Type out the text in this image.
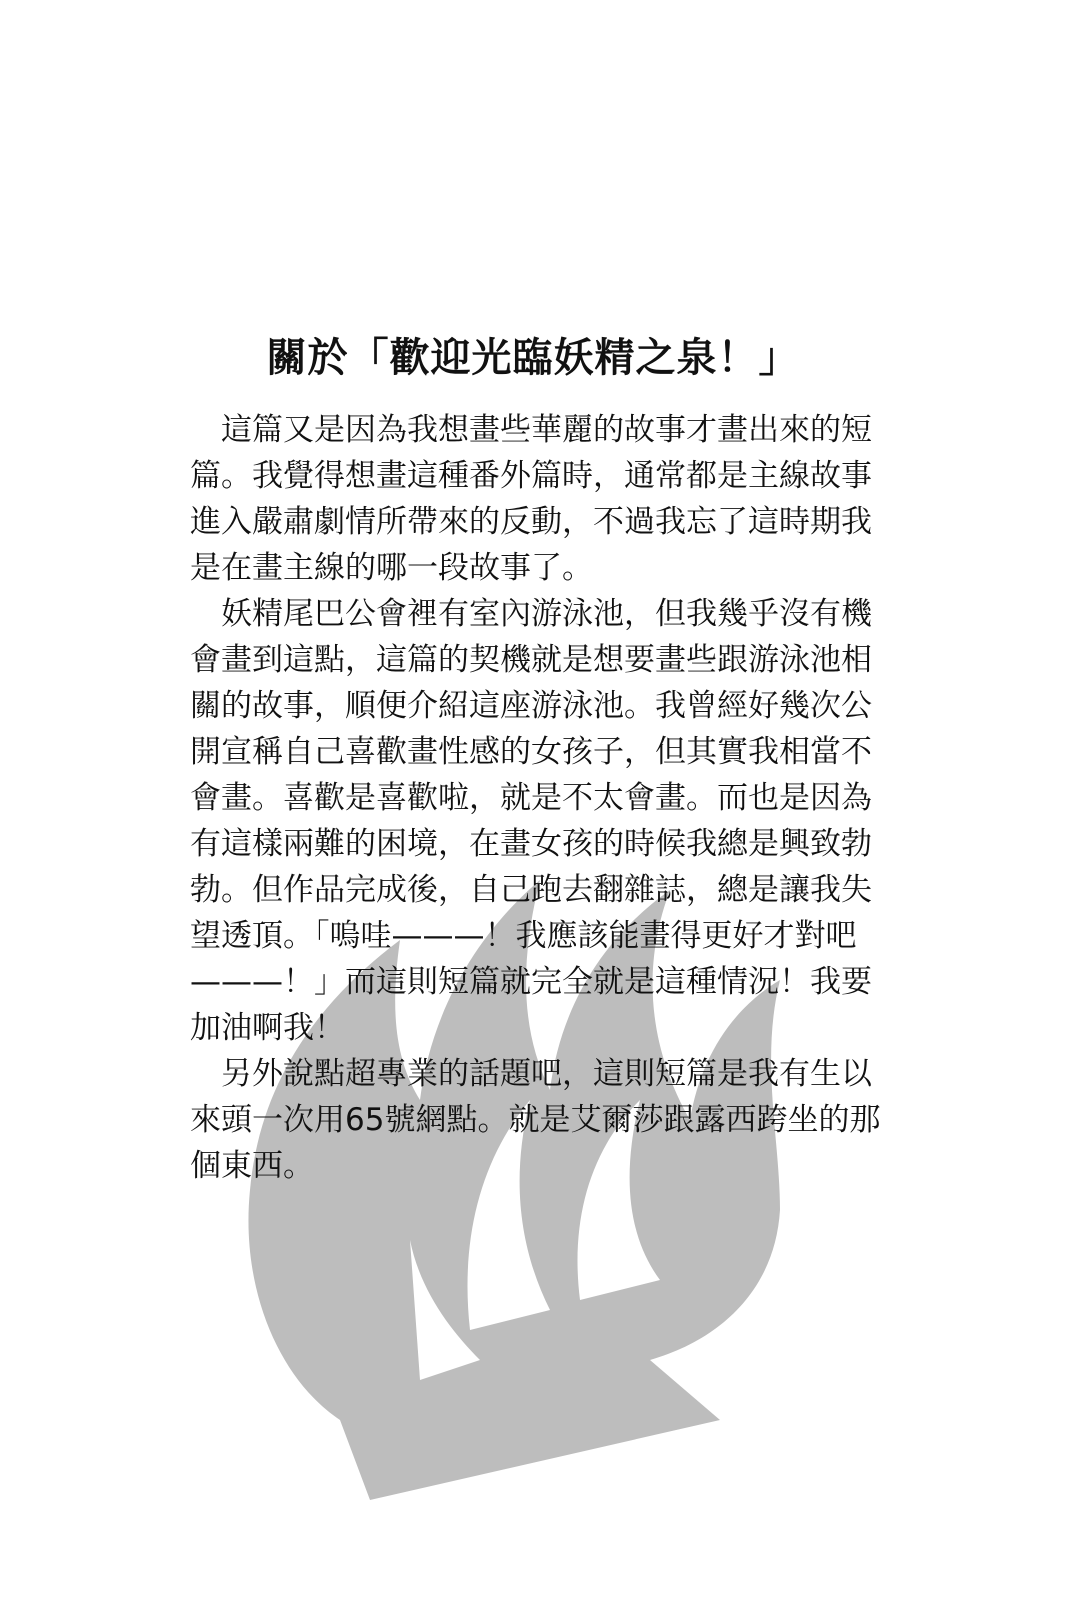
關於「歡迎光臨妖精之泉！」
　這篇又是因為我想畫些華麗的故事才畫出來的短
篇。我覺得想畫這種番外篇時，通常都是主線故事
進入嚴肅劇情所帶來的反動，不過我忘了這時期我
是在畫主線的哪一段故事了。
　妖精尾巴公會裡有室內游泳池，但我幾乎沒有機
會畫到這點，這篇的契機就是想要畫些跟游泳池相
關的故事，順便介紹這座游泳池。我曾經好幾次公
開宣稱自己喜歡畫性感的女孩子，但其實我相當不
會畫。喜歡是喜歡啦，就是不太會畫。而也是因為
有這樣兩難的困境，在畫女孩的時候我總是興致勃
勃。但作品完成後，自己跑去翻雜誌，總是讓我失
望透頂。「嗚哇———！我應該能畫得更好才對吧
———！」而這則短篇就完全就是這種情況！我要
加油啊我！
　另外說點超專業的話題吧，這則短篇是我有生以
來頭一次用65號網點。就是艾爾莎跟露西跨坐的那
個東西。
